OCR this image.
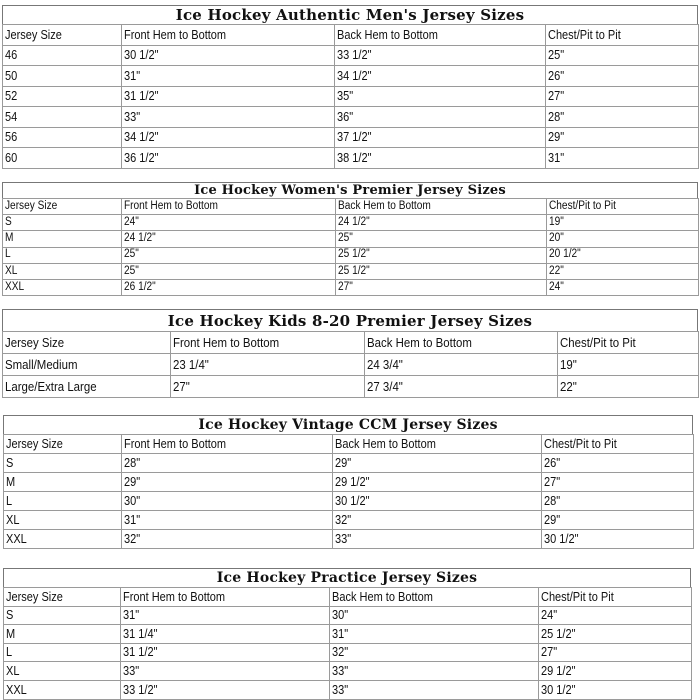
Ice Hockey Authentic Men's Jersey Sizes
Jersey Size	Front Hem to Bottom	Back Hem to Bottom	Chest/Pit to Pit
46	30 1/2"	33 1/2"	25"
50	31"	34 1/2"	26"
52	31 1/2"	35"	27"
54	33"	36"	28"
56	34 1/2"	37 1/2"	29"
60	36 1/2"	38 1/2"	31"
Ice Hockey Women's Premier Jersey Sizes
Jersey Size	Front Hem to Bottom	Back Hem to Bottom	Chest/Pit to Pit
S	24"	24 1/2"	19"
M	24 1/2"	25"	20"
L	25"	25 1/2"	20 1/2"
XL	25"	25 1/2"	22"
XXL	26 1/2"	27"	24"
Ice Hockey Kids 8-20 Premier Jersey Sizes
Jersey Size	Front Hem to Bottom	Back Hem to Bottom	Chest/Pit to Pit
Small/Medium	23 1/4"	24 3/4"	19"
Large/Extra Large	27"	27 3/4"	22"
Ice Hockey Vintage CCM Jersey Sizes
Jersey Size	Front Hem to Bottom	Back Hem to Bottom	Chest/Pit to Pit
S	28"	29"	26"
M	29"	29 1/2"	27"
L	30"	30 1/2"	28"
XL	31"	32"	29"
XXL	32"	33"	30 1/2"
Ice Hockey Practice Jersey Sizes
Jersey Size	Front Hem to Bottom	Back Hem to Bottom	Chest/Pit to Pit
S	31"	30"	24"
M	31 1/4"	31"	25 1/2"
L	31 1/2"	32"	27"
XL	33"	33"	29 1/2"
XXL	33 1/2"	33"	30 1/2"
